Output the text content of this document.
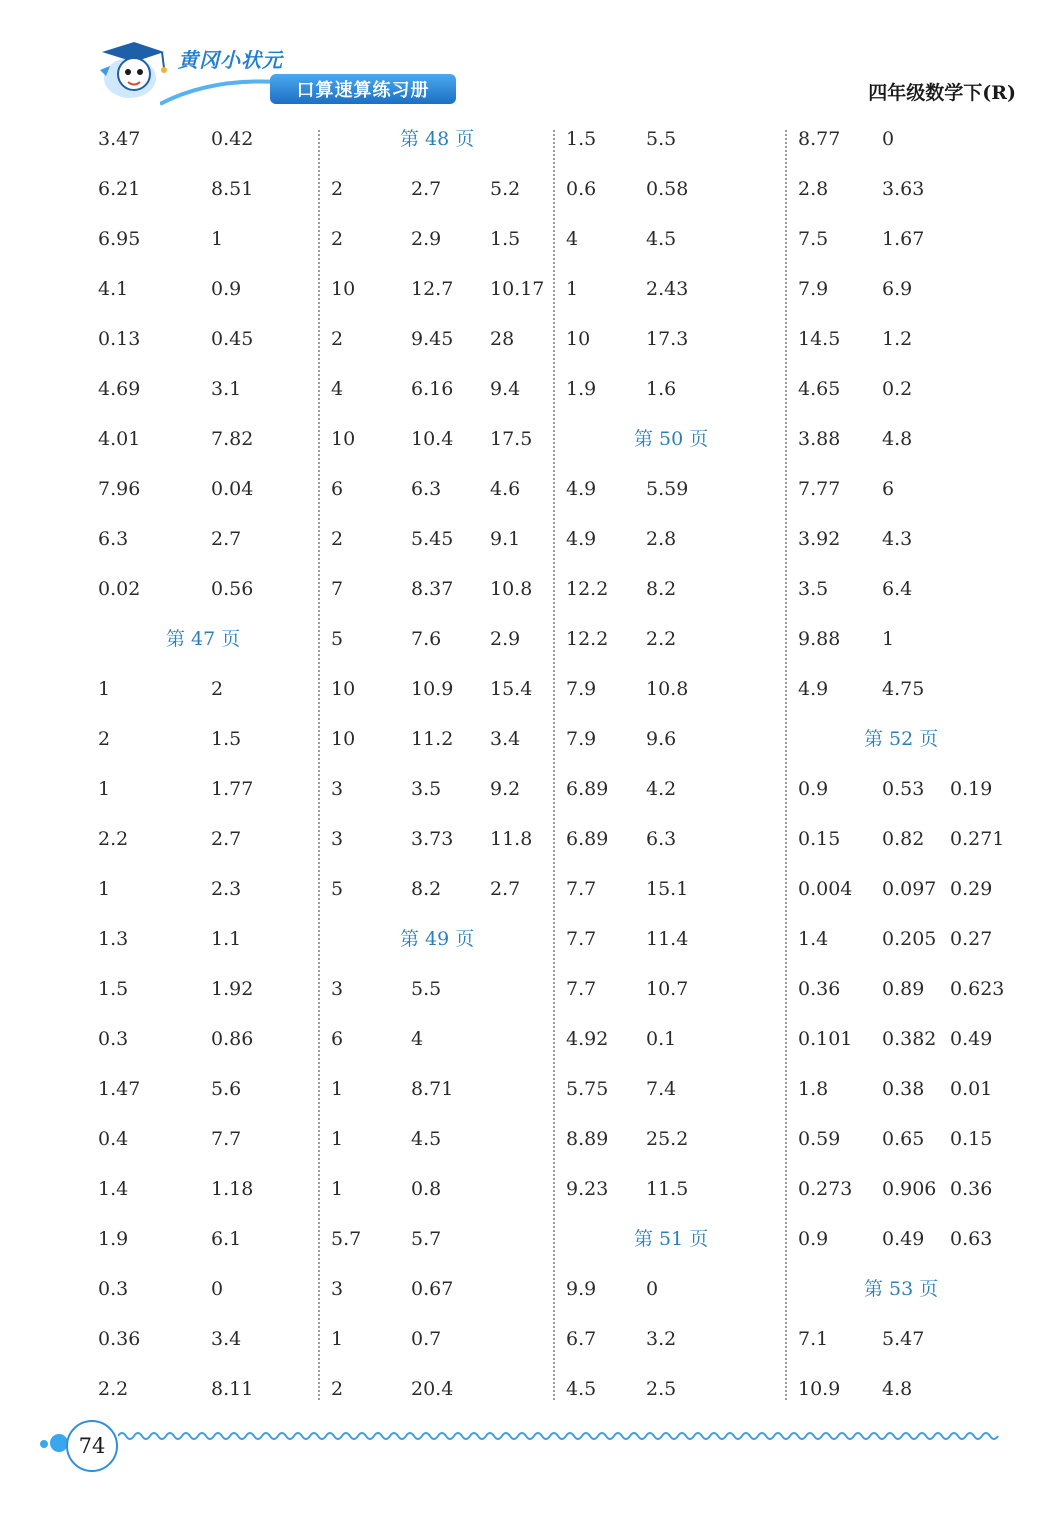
黄冈小状元
口算速算练习册	四年级数学下(R)
3.47	0.42
6.21	8.51
6.95	1
4.1	0.9
0.13	0.45
4.69	3.1
4.01	7.82
7.96	0.04
6.3	2.7
0.02	0.56
第 47 页
1	2
2	1.5
1	1.77
2.2	2.7
1	2.3
1.3	1.1
1.5	1.92
0.3	0.86
1.47	5.6
0.4	7.7
1.4	1.18
1.9	6.1
0.3	0
0.36	3.4
2.2	8.11
第 48 页
2	2.7	5.2
2	2.9	1.5
10	12.7 10.17
2	9.45 28
4	6.16 9.4
10	10.4 17.5
6	6.3	4.6
2	5.45 9.1
7	8.37 10.8
5	7.6	2.9
10	10.9 15.4
10	11.2 3.4
3	3.5	9.2
3	3.73 11.8
5	8.2	2.7
第 49 页
3	5.5
6	4
1	8.71
1	4.5
1	0.8
5.7	5.7
3	0.67
1	0.7
2	20.4
1.5	5.5
0.6	0.58
4	4.5
1	2.43
10	17.3
1.9	1.6
第 50 页
4.9	5.59
4.9	2.8
12.2 8.2
12.2 2.2
7.9	10.8
7.9	9.6
6.89 4.2
6.89 6.3
7.7	15.1
7.7	11.4
7.7	10.7
4.92 0.1
5.75 7.4
8.89 25.2
9.23 11.5
第 51 页
9.9	0
6.7	3.2
4.5	2.5
8.77 0
2.8	3.63
7.5	1.67
7.9	6.9
14.5 1.2
4.65 0.2
3.88 4.8
7.77 6
3.92 4.3
3.5	6.4
9.88 1
4.9	4.75
第 52 页
0.9	0.53 0.19
0.15 0.82 0.271
0.004 0.097 0.29
1.4	0.205 0.27
0.36 0.89 0.623
0.101 0.382 0.49
1.8	0.38 0.01
0.59 0.65 0.15
0.273 0.906 0.36
0.9	0.49 0.63
第 53 页
7.1	5.47
10.9 4.8
74
